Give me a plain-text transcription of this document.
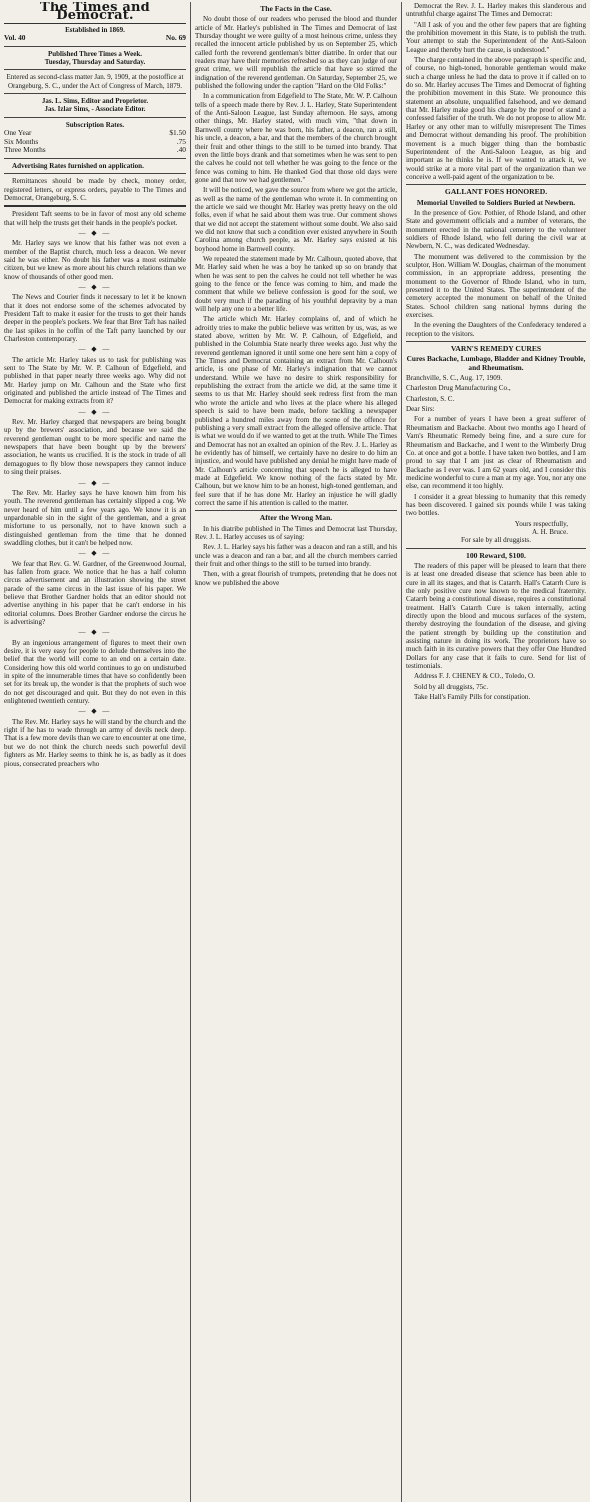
The Times and Democrat.
Established in 1869.
Vol. 40	No. 69
Published Three Times a Week.
Tuesday, Thursday and Saturday.
Entered as second-class matter Jan. 9, 1909, at the postoffice at Orangeburg, S. C., under the Act of Congress of March, 1879.
Jas. L. Sims, Editor and Proprietor.
Jas. Izlar Sims, - Associate Editor.
Subscription Rates.
One Year	$1.50
Six Months	.75
Three Months	.40

Advertising Rates furnished on application.

Remittances should be made by check, money order, registered letters, or express orders, payable to The Times and Democrat, Orangeburg, S. C.

President Taft seems to be in favor of most any old scheme that will help the trusts get their hands in the people's pocket.

— ◆ —

Mr. Harley says we know that his father was not even a member of the Baptist church, much less a deacon. We never said he was either. No doubt his father was a most estimable citizen, but we knew as more about his church relations than we know of thousands of other good men.

— ◆ —

The News and Courier finds it necessary to let it be known that it does not endorse some of the schemes advocated by President Taft to make it easier for the trusts to get their hands deeper in the people's pockets. We fear that Brer Taft has nailed the last spikes in he coffin of the Taft party launched by our Charleston contemporary.

— ◆ —

The article Mr. Harley takes us to task for publishing was sent to The State by Mr. W. P. Calhoun of Edgefield, and published in that paper nearly three weeks ago. Why did not Mr. Harley jump on Mr. Calhoun and the State who first originated and published the article instead of The Times and Democrat for making extracts from it?

— ◆ —

Rev. Mr. Harley charged that newspapers are being bought up by the brewers' association, and because we said the reverend gentleman ought to be more specific and name the newspapers that have been bought up by the brewers' association, he wants us crucified. It is the stock in trade of all demagogues to fly blow those newspapers they cannot induce to sing their praises.

— ◆ —

The Rev. Mr. Harley says he have known him from his youth. The reverend gentleman has certainly slipped a cog. We never heard of him until a few years ago. We know it is an unpardonable sin in the sight of the gentleman, and a great misfortune to us personally, not to have known such a distinguished gentleman from the time that he donned swaddling clothes, but it can't be helped now.

— ◆ —

We fear that Rev. G. W. Gardner, of the Greenwood Journal, has fallen from grace. We notice that he has a half column circus advertisement and an illustration showing the street parade of the same circus in the last issue of his paper. We believe that Brother Gardner holds that an editor should not advertise anything in his paper that he can't endorse in his editorial columns. Does Brother Gardner endorse the circus he is advertising?

— ◆ —

By an ingenious arrangement of figures to meet their own desire, it is very easy for people to delude themselves into the belief that the world will come to an end on a certain date. Considering how this old world continues to go on undisturbed in spite of the innumerable times that have so confidently been set for its break up, the wonder is that the prophets of such woe do not get discouraged and quit. But they do not even in this enlightened twentieth century.

— ◆ —

The Rev. Mr. Harley says he will stand by the church and the right if he has to wade through an army of devils neck deep. That is a few more devils than we care to encounter at one time, but we do not think the church needs such powerful devil fighters as Mr. Harley seems to think he is, as badly as it does pious, consecrated preachers who

The Facts in the Case.

No doubt those of our readers who perused the blood and thunder article of Mr. Harley's published in The Times and Democrat of last Thursday thought we were guilty of a most heinous crime, unless they recalled the innocent article published by us on September 25, which called forth the reverend gentleman's bitter diatribe. In order that our readers may have their memories refreshed so as they can judge of our great crime, we will republish the article that have so stirred the indignation of the reverend gentleman. On Saturday, September 25, we published the following under the caption "Hard on the Old Folks:"

In a communication from Edgefield to The State, Mr. W. P. Calhoun tells of a speech made there by Rev. J. L. Harley, State Superintendent of the Anti-Saloon League, last Sunday afternoon. He says, among other things, Mr. Harley stated, with much vim, "that down in Barnwell county where he was born, his father, a deacon, ran a still, his uncle, a deacon, a bar, and that the members of the church brought their fruit and other things to the still to be turned into brandy. That even the little boys drank and that sometimes when he was sent to pen the calves he could not tell whether he was going to the fence or the fence was coming to him. He thanked God that those old days were gone and that now we had gentlemen."

It will be noticed, we gave the source from where we got the article, as well as the name of the gentleman who wrote it. In commenting on the article we said we thought Mr. Harley was pretty heavy on the old folks, even if what he said about them was true. Our comment shows that we did not accept the statement without some doubt. We also said we did not know that such a condition ever existed anywhere in South Carolina among church people, as Mr. Harley says existed at his boyhood home in Barnwell county.

We repeated the statement made by Mr. Calhoun, quoted above, that Mr. Harley said when he was a boy he tanked up so on brandy that when he was sent to pen the calves he could not tell whether he was going to the fence or the fence was coming to him, and made the comment that while we believe confession is good for the soul, we doubt very much if the parading of his youthful depravity by a man will help any one to a better life.

The article which Mr. Harley complains of, and of which he adroitly tries to make the public believe was written by us, was, as we stated above, written by Mr. W. P. Calhoun, of Edgefield, and published in the Columbia State nearly three weeks ago. Just why the reverend gentleman ignored it until some one here sent him a copy of The Times and Democrat containing an extract from Mr. Calhoun's article, is one phase of Mr. Harley's indignation that we cannot understand. While we have no desire to shirk responsibility for republishing the extract from the article we did, at the same time it seems to us that Mr. Harley should seek redress first from the man who wrote the article and who lives at the place where his alleged speech is said to have been made, before tackling a newspaper published a hundred miles away from the scene of the offence for publishing a very small extract from the alleged offensive article. That is what we would do if we wanted to get at the truth. While The Times and Democrat has not an exalted an opinion of the Rev. J. L. Harley as he evidently has of himself, we certainly have no desire to do him an injustice, and would have published any denial he might have made of Mr. Calhoun's article concerning that speech he is alleged to have made at Edgefield. We know nothing of the facts stated by Mr. Calhoun, but we know him to be an honest, high-toned gentleman, and feel sure that if he has done Mr. Harley an injustice he will gladly correct the same if his attention is called to the matter.

After the Wrong Man.

In his diatribe published in The Times and Democrat last Thursday, Rev. J. L. Harley accuses us of saying:

Rev. J. L. Harley says his father was a deacon and ran a still, and his uncle was a deacon and ran a bar, and all the church members carried their fruit and other things to the still to be turned into brandy.

Then, with a great flourish of trumpets, pretending that he does not know we published the above

Democrat the Rev. J. L. Harley makes this slanderous and untruthful charge against The Times and Democrat:

"All I ask of you and the other few papers that are fighting the prohibition movement in this State, is to publish the truth. Your attempt to stab the Superintendent of the Anti-Saloon League and thereby hurt the cause, is understood."

The charge contained in the above paragraph is specific and, of course, no high-toned, honorable gentleman would make such a charge unless he had the data to prove it if called on to do so. Mr. Harley accuses The Times and Democrat of fighting the prohibition movement in this State. We pronounce this statement an absolute, unqualified falsehood, and we demand that Mr. Harley make good his charge by the proof or stand a confessed falsifier of the truth. We do not propose to allow Mr. Harley or any other man to wilfully misrepresent The Times and Democrat without demanding his proof. The prohibition movement is a much bigger thing than the bombastic Superintendent of the Anti-Saloon League, as big and important as he thinks he is. If we wanted to attack it, we would strike at a more vital part of the organization than we conceive a well-paid agent of the organization to be.

GALLANT FOES HONORED.
Memorial Unveiled to Soldiers Buried at Newbern.

In the presence of Gov. Pothier, of Rhode Island, and other State and government officials and a number of veterans, the monument erected in the national cemetery to the volunteer soldiers of Rhode Island, who fell during the civil war at Newbern, N. C., was dedicated Wednesday.

The monument was delivered to the commission by the sculptor, Hon. William W. Douglas, chairman of the monument commission, in an appropriate address, presenting the monument to the Governor of Rhode Island, who in turn, presented it to the United States. The superintendent of the cemetery accepted the monument on behalf of the United States. School children sang national hymns during the exercises.

In the evening the Daughters of the Confederacy tendered a reception to the visitors.

VARN'S REMEDY CURES
Cures Backache, Lumbago, Bladder and Kidney Trouble, and Rheumatism.

Branchville, S. C., Aug. 17, 1909.

Charleston Drug Manufacturing Co.,

Charleston, S. C.

Dear Sirs:

For a number of years I have been a great sufferer of Rheumatism and Backache. About two months ago I heard of Varn's Rheumatic Remedy being fine, and a sure cure for Rheumatism and Backache, and I went to the Wimberly Drug Co. at once and got a bottle. I have taken two bottles, and I am proud to say that I am just as clear of Rheumatism and Backache as I ever was. I am 62 years old, and I consider this medicine wonderful to cure a man at my age. You, nor any one else, can recommend it too highly.

I consider it a great blessing to humanity that this remedy has been discovered. I gained six pounds while I was taking two bottles.

Yours respectfully,
A. H. Bruce.
For sale by all druggists.
100 Reward, $100.

The readers of this paper will be pleased to learn that there is at least one dreaded disease that science has been able to cure in all its stages, and that is Catarrh. Hall's Catarrh Cure is the only positive cure now known to the medical fraternity. Catarrh being a constitutional disease, requires a constitutional treatment. Hall's Catarrh Cure is taken internally, acting directly upon the blood and mucous surfaces of the system, thereby destroying the foundation of the disease, and giving the patient strength by building up the constitution and assisting nature in doing its work. The proprietors have so much faith in its curative powers that they offer One Hundred Dollars for any case that it fails to cure. Send for list of testimonials.

Address F. J. CHENEY & CO., Toledo, O.

Sold by all druggists, 75c.

Take Hall's Family Pills for constipation.
